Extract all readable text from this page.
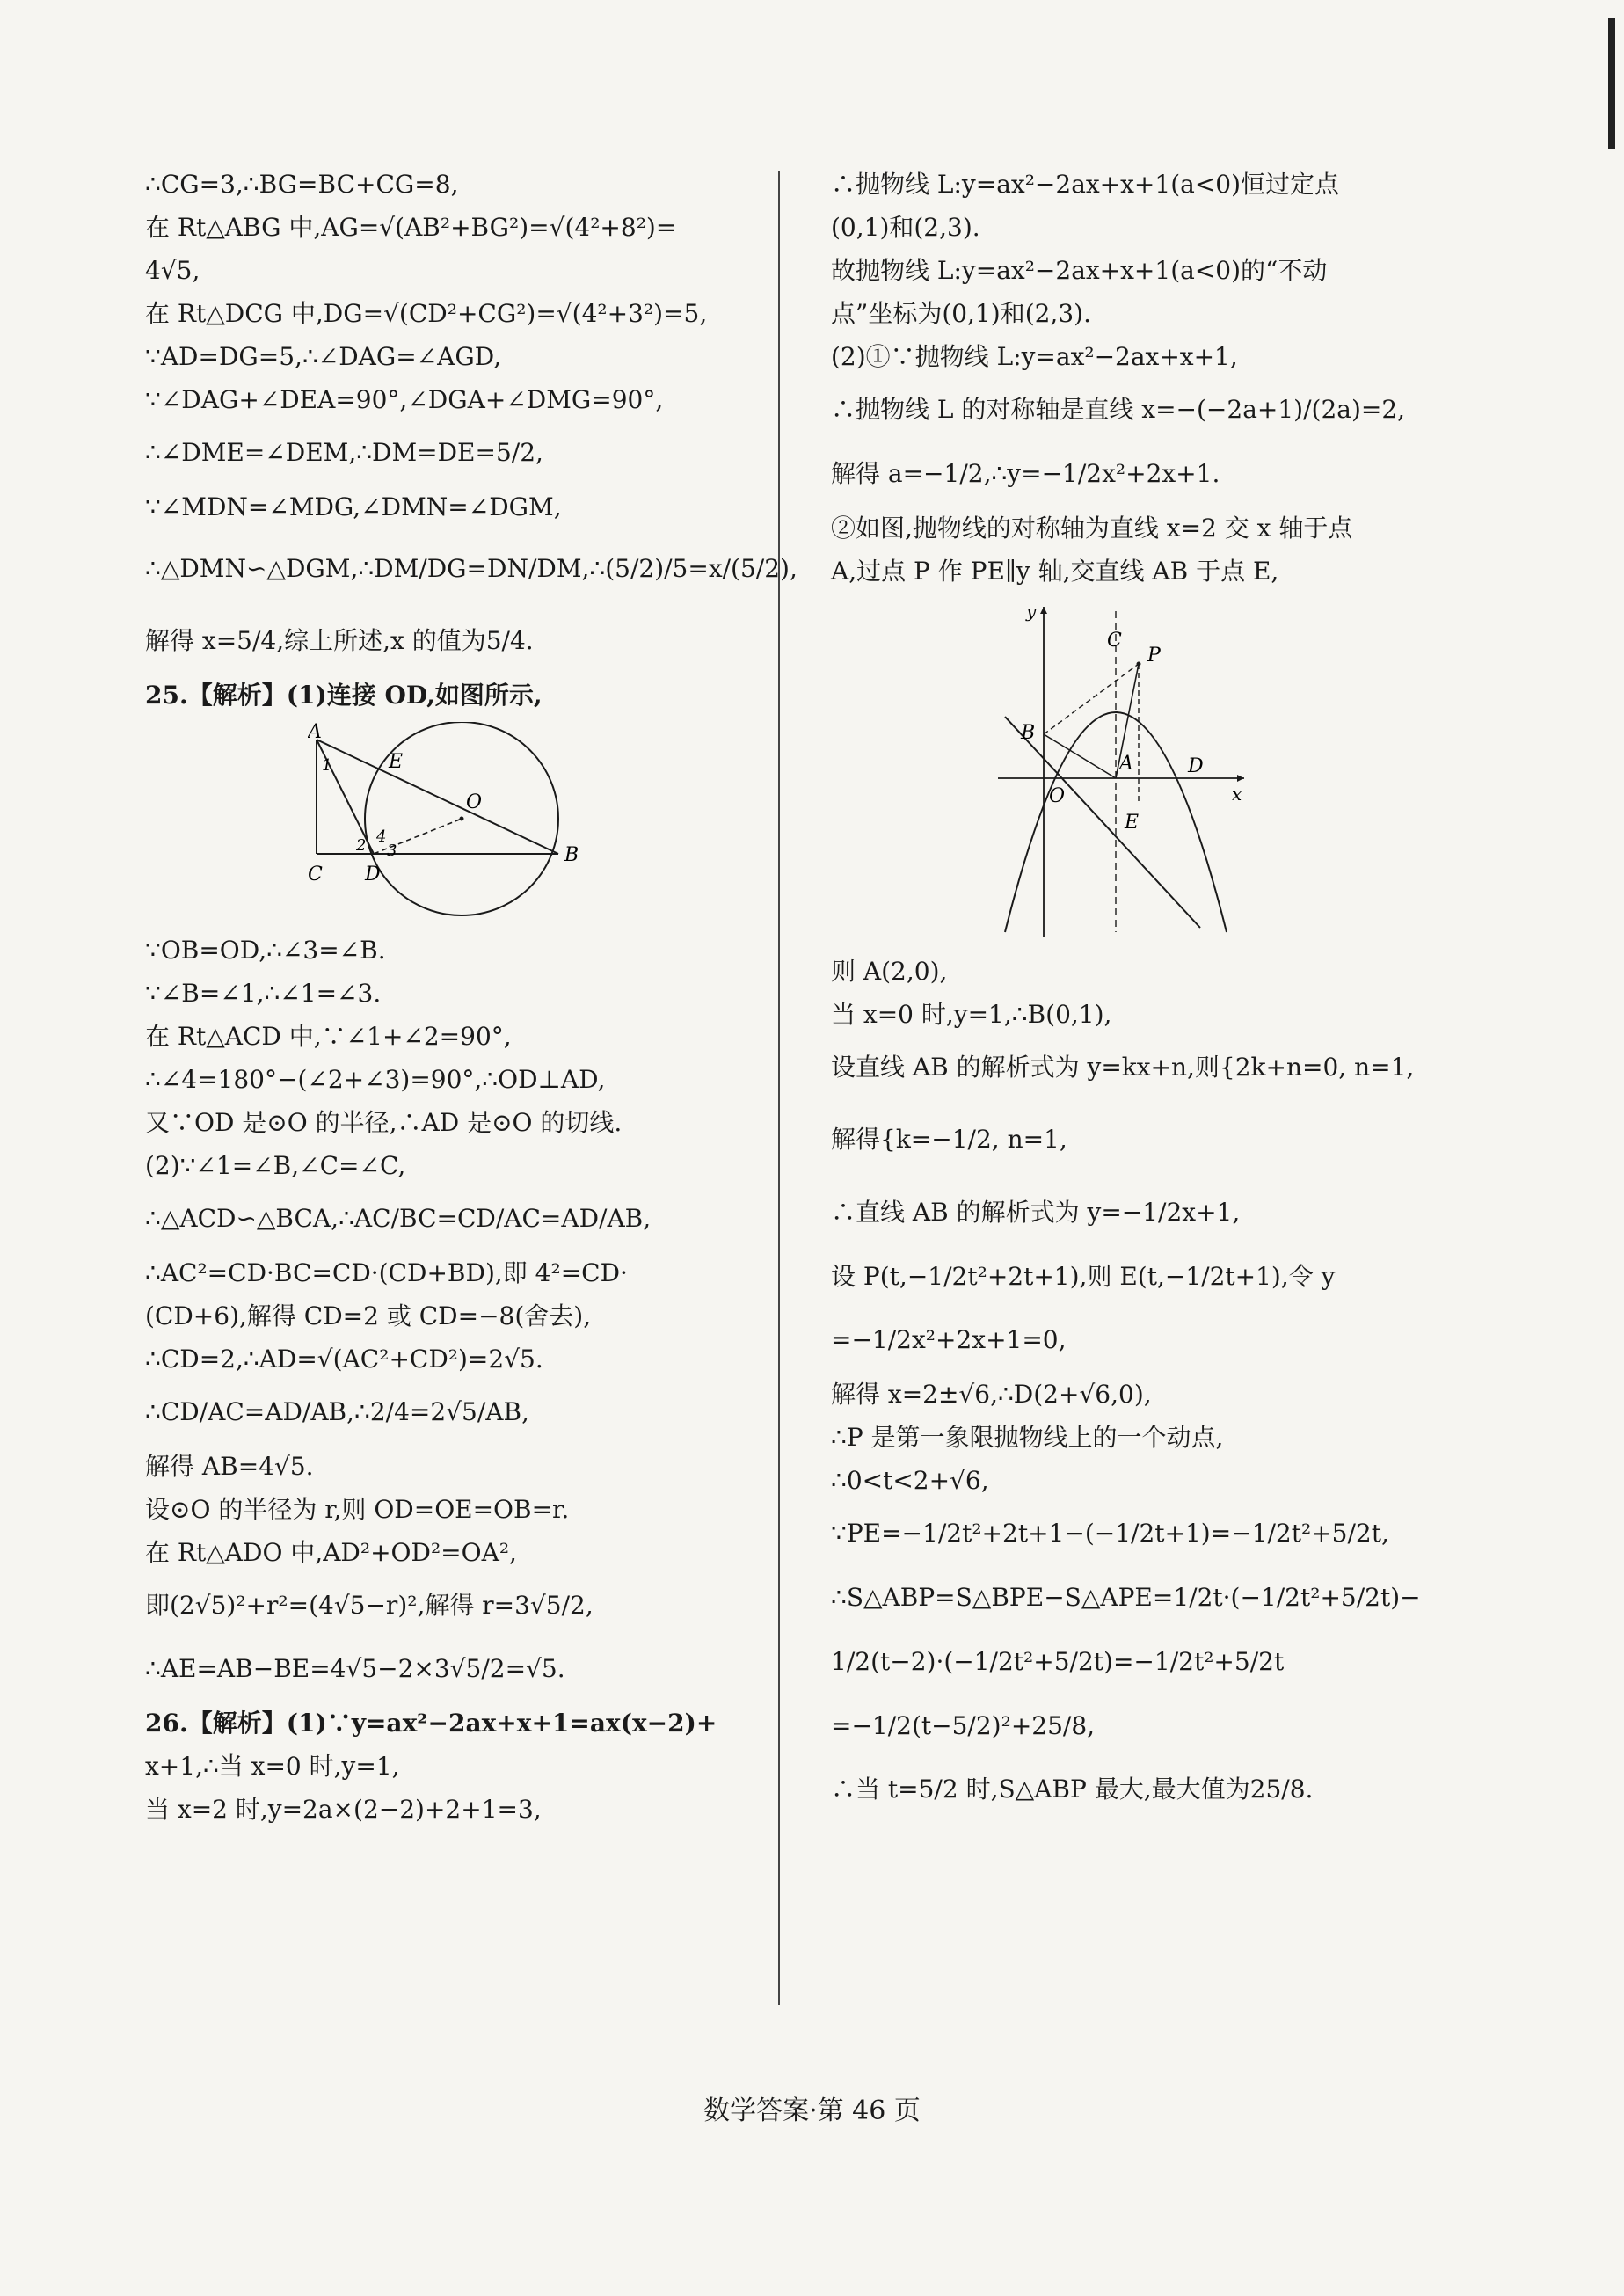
∴CG=3,∴BG=BC+CG=8,

在 Rt△ABG 中,AG=√(AB²+BG²)=√(4²+8²)=

4√5,

在 Rt△DCG 中,DG=√(CD²+CG²)=√(4²+3²)=5,

∵AD=DG=5,∴∠DAG=∠AGD,

∵∠DAG+∠DEA=90°,∠DGA+∠DMG=90°,

∴∠DME=∠DEM,∴DM=DE=5/2,

∵∠MDN=∠MDG,∠DMN=∠DGM,

∴△DMN∽△DGM,∴DM/DG=DN/DM,∴(5/2)/5=x/(5/2),

解得 x=5/4,综上所述,x 的值为5/4.

25.【解析】(1)连接 OD,如图所示,

A
E
O
B
C D
1
2 3
4

∵OB=OD,∴∠3=∠B.

∵∠B=∠1,∴∠1=∠3.

在 Rt△ACD 中,∵∠1+∠2=90°,

∴∠4=180°−(∠2+∠3)=90°,∴OD⊥AD,

又∵OD 是⊙O 的半径,∴AD 是⊙O 的切线.

(2)∵∠1=∠B,∠C=∠C,

∴△ACD∽△BCA,∴AC/BC=CD/AC=AD/AB,

∴AC²=CD·BC=CD·(CD+BD),即 4²=CD·

(CD+6),解得 CD=2 或 CD=−8(舍去),

∴CD=2,∴AD=√(AC²+CD²)=2√5.

∴CD/AC=AD/AB,∴2/4=2√5/AB,

解得 AB=4√5.

设⊙O 的半径为 r,则 OD=OE=OB=r.

在 Rt△ADO 中,AD²+OD²=OA²,

即(2√5)²+r²=(4√5−r)²,解得 r=3√5/2,

∴AE=AB−BE=4√5−2×3√5/2=√5.

26.【解析】(1)∵y=ax²−2ax+x+1=ax(x−2)+

x+1,∴当 x=0 时,y=1,

当 x=2 时,y=2a×(2−2)+2+1=3,

∴抛物线 L:y=ax²−2ax+x+1(a<0)恒过定点

(0,1)和(2,3).

故抛物线 L:y=ax²−2ax+x+1(a<0)的“不动

点”坐标为(0,1)和(2,3).

(2)①∵抛物线 L:y=ax²−2ax+x+1,

∴抛物线 L 的对称轴是直线 x=−(−2a+1)/(2a)=2,

解得 a=−1/2,∴y=−1/2x²+2x+1.

②如图,抛物线的对称轴为直线 x=2 交 x 轴于点

A,过点 P 作 PE∥y 轴,交直线 AB 于点 E,

y
x
C
P
B
A
O
D
E

则 A(2,0),

当 x=0 时,y=1,∴B(0,1),

设直线 AB 的解析式为 y=kx+n,则{2k+n=0, n=1,

解得{k=−1/2, n=1,

∴直线 AB 的解析式为 y=−1/2x+1,

设 P(t,−1/2t²+2t+1),则 E(t,−1/2t+1),令 y

=−1/2x²+2x+1=0,

解得 x=2±√6,∴D(2+√6,0),

∴P 是第一象限抛物线上的一个动点,

∴0<t<2+√6,

∵PE=−1/2t²+2t+1−(−1/2t+1)=−1/2t²+5/2t,

∴S△ABP=S△BPE−S△APE=1/2t·(−1/2t²+5/2t)−

1/2(t−2)·(−1/2t²+5/2t)=−1/2t²+5/2t

=−1/2(t−5/2)²+25/8,

∴当 t=5/2 时,S△ABP 最大,最大值为25/8.

数学答案·第 46 页
